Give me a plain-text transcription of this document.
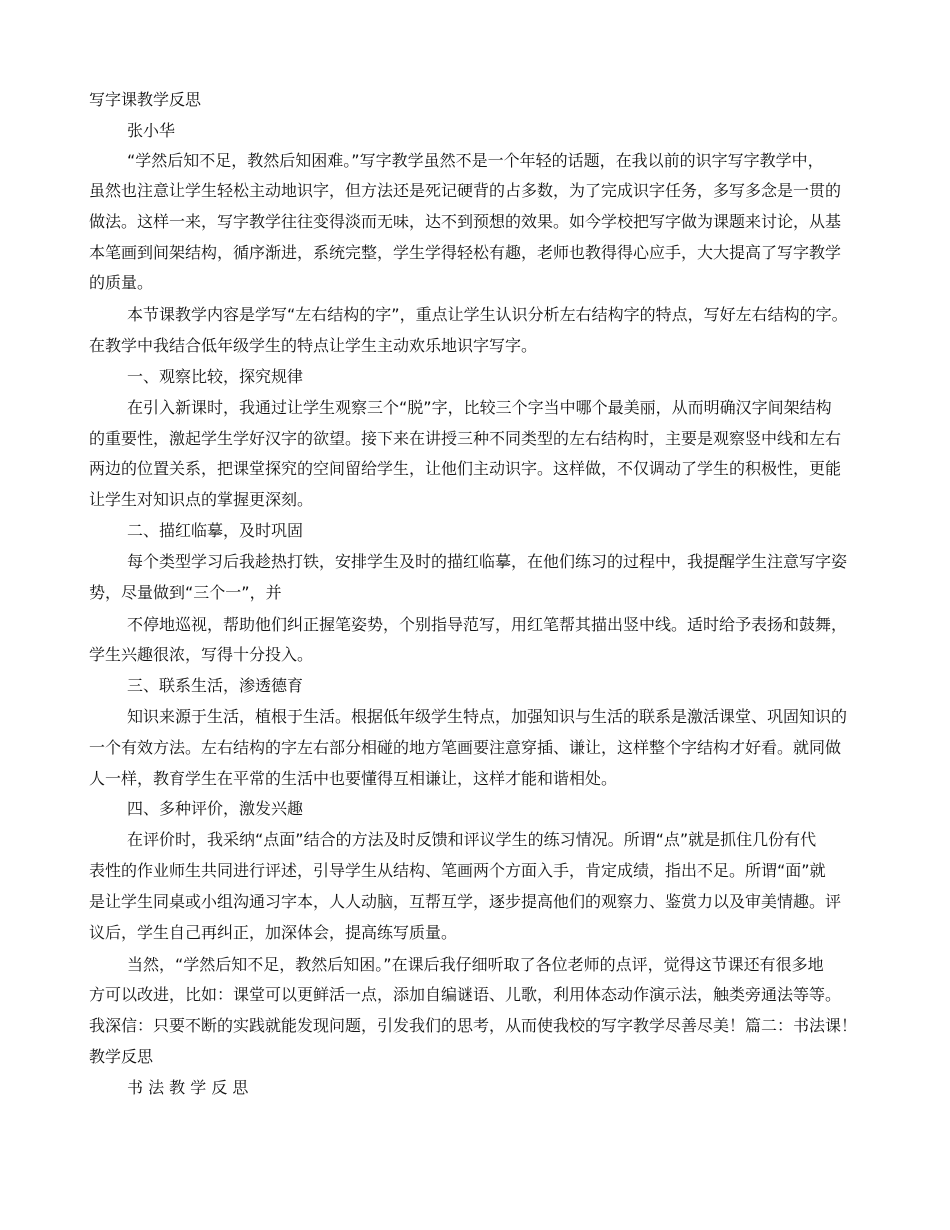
写字课教学反思
张小华
“学然后知不足，教然后知困难。”写字教学虽然不是一个年轻的话题，在我以前的识字写字教学中，
虽然也注意让学生轻松主动地识字，但方法还是死记硬背的占多数，为了完成识字任务，多写多念是一贯的
做法。这样一来，写字教学往往变得淡而无味，达不到预想的效果。如今学校把写字做为课题来讨论，从基
本笔画到间架结构，循序渐进，系统完整，学生学得轻松有趣，老师也教得得心应手，大大提高了写字教学
的质量。
本节课教学内容是学写“左右结构的字”，重点让学生认识分析左右结构字的特点，写好左右结构的字。
在教学中我结合低年级学生的特点让学生主动欢乐地识字写字。
一、观察比较，探究规律
在引入新课时，我通过让学生观察三个“脱”字，比较三个字当中哪个最美丽，从而明确汉字间架结构
的重要性，激起学生学好汉字的欲望。接下来在讲授三种不同类型的左右结构时，主要是观察竖中线和左右
两边的位置关系，把课堂探究的空间留给学生，让他们主动识字。这样做，不仅调动了学生的积极性，更能
让学生对知识点的掌握更深刻。
二、描红临摹，及时巩固
每个类型学习后我趁热打铁，安排学生及时的描红临摹，在他们练习的过程中，我提醒学生注意写字姿
势，尽量做到“三个一”，并
不停地巡视，帮助他们纠正握笔姿势，个别指导范写，用红笔帮其描出竖中线。适时给予表扬和鼓舞，
学生兴趣很浓，写得十分投入。
三、联系生活，渗透德育
知识来源于生活，植根于生活。根据低年级学生特点，加强知识与生活的联系是激活课堂、巩固知识的
一个有效方法。左右结构的字左右部分相碰的地方笔画要注意穿插、谦让，这样整个字结构才好看。就同做
人一样，教育学生在平常的生活中也要懂得互相谦让，这样才能和谐相处。
四、多种评价，激发兴趣
在评价时，我采纳“点面”结合的方法及时反馈和评议学生的练习情况。所谓“点”就是抓住几份有代
表性的作业师生共同进行评述，引导学生从结构、笔画两个方面入手，肯定成绩，指出不足。所谓“面”就
是让学生同桌或小组沟通习字本，人人动脑，互帮互学，逐步提高他们的观察力、鉴赏力以及审美情趣。评
议后，学生自己再纠正，加深体会，提高练写质量。
当然，“学然后知不足，教然后知困。”在课后我仔细听取了各位老师的点评，觉得这节课还有很多地
方可以改进，比如：课堂可以更鲜活一点，添加自编谜语、儿歌，利用体态动作演示法，触类旁通法等等。
我深信：只要不断的实践就能发现问题，引发我们的思考，从而使我校的写字教学尽善尽美！篇二：书法课！
教学反思
书 法 教 学 反 思
